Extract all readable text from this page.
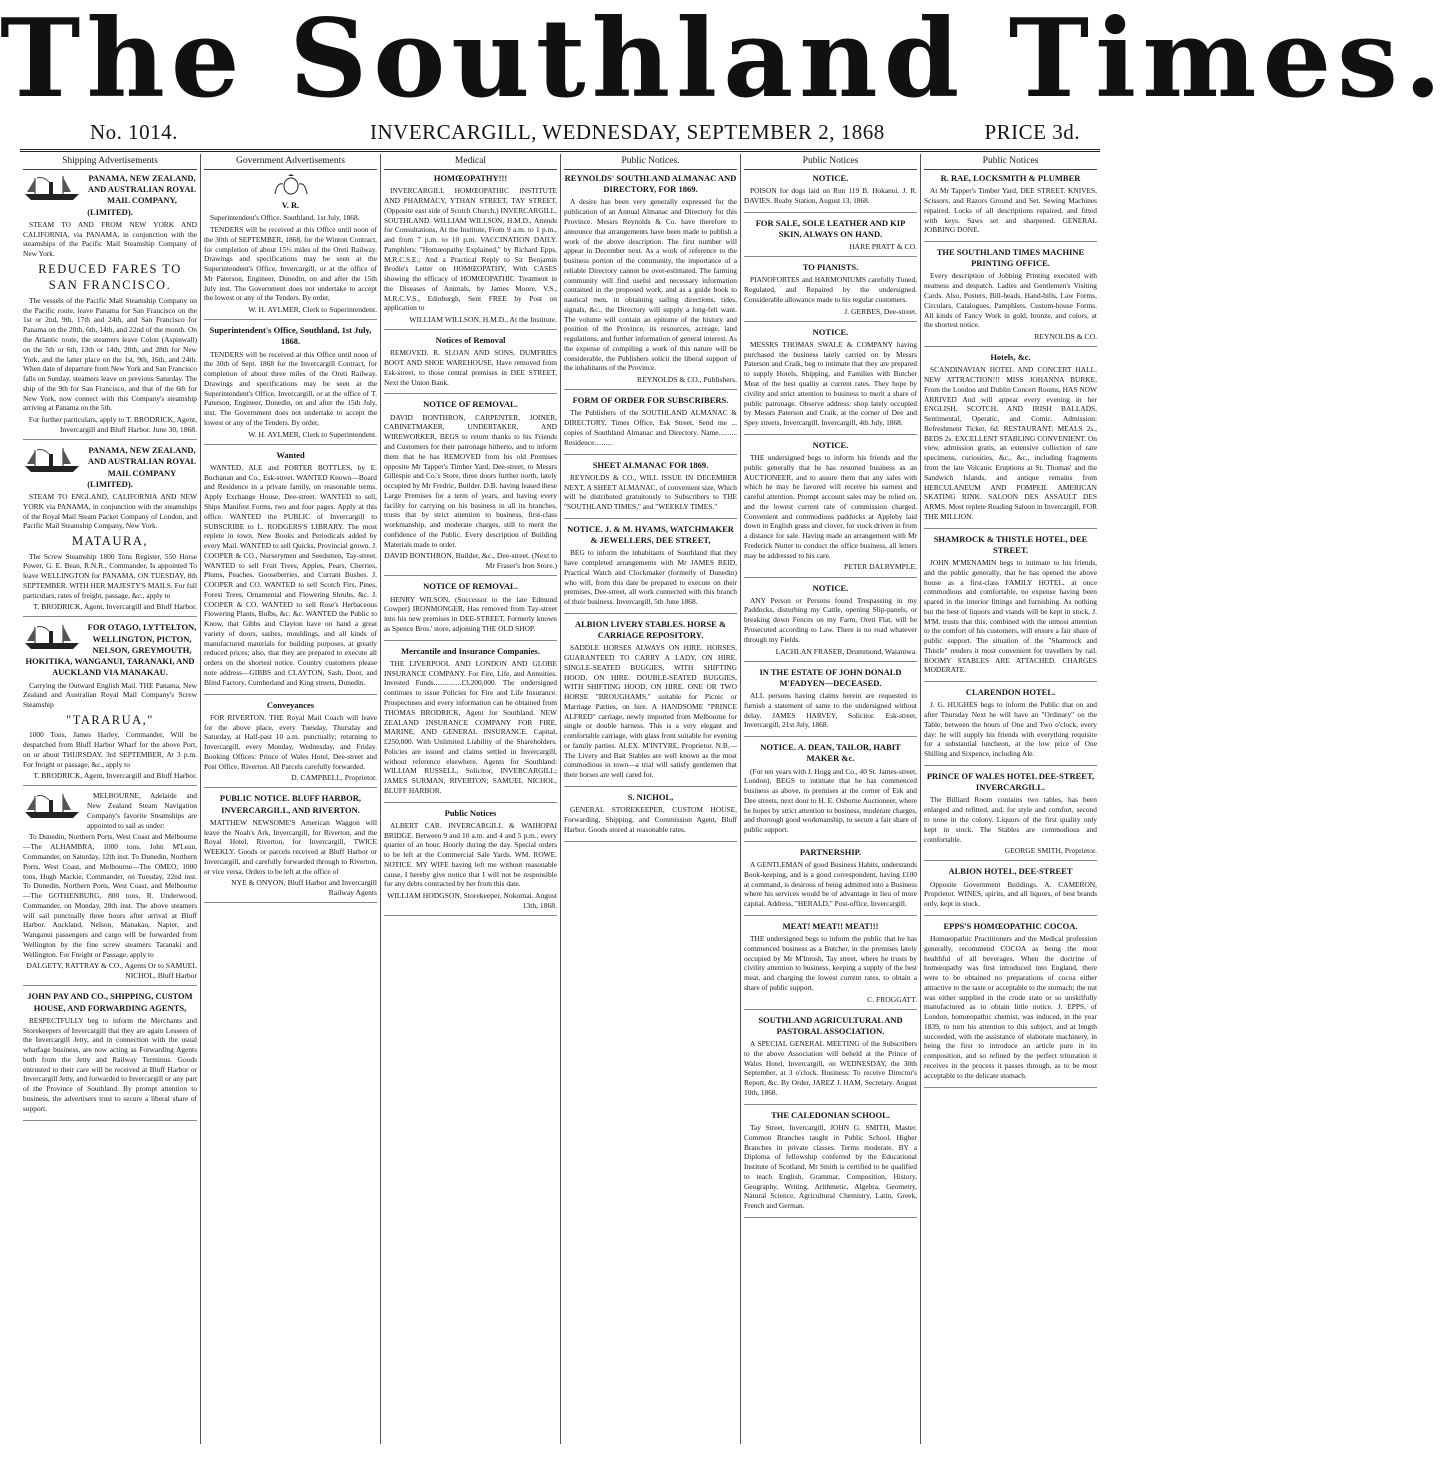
The Southland Times.
No. 1014.	INVERCARGILL, WEDNESDAY, SEPTEMBER 2, 1868	PRICE 3d.
Shipping Advertisements
PANAMA, NEW ZEALAND, AND AUSTRALIAN ROYAL MAIL COMPANY, (LIMITED).

STEAM TO AND FROM NEW YORK AND CALIFORNIA, via PANAMA, in conjunction with the steamships of the Pacific Mail Steamship Company of New York.

REDUCED FARES TO SAN FRANCISCO.

The vessels of the Pacific Mail Steamship Company on the Pacific route, leave Panama for San Francisco on the 1st or 2nd, 9th, 17th and 24th, and San Francisco for Panama on the 20th, 6th, 14th, and 22nd of the month. On the Atlantic route, the steamers leave Colon (Aspinwall) on the 5th or 6th, 13th or 14th, 20th, and 28th for New York, and the latter place on the 1st, 9th, 16th, and 24th. When date of departure from New York and San Francisco falls on Sunday, steamers leave on previous Saturday. The ship of the 9th for San Francisco, and that of the 6th for New York, now connect with this Company's steamship arriving at Panama on the 5th.

For further particulars, apply to T. BRODRICK, Agent, Invercargill and Bluff Harbor. June 30, 1868.
PANAMA, NEW ZEALAND, AND AUSTRALIAN ROYAL MAIL COMPANY (LIMITED).

STEAM TO ENGLAND, CALIFORNIA AND NEW YORK via PANAMA, in conjunction with the steamships of the Royal Mail Steam Packet Company of London, and Pacific Mail Steamship Company, New York.

MATAURA,

The Screw Steamship 1800 Tons Register, 550 Horse Power, G. E. Bean, R.N.R., Commander, Is appointed To leave WELLINGTON for PANAMA, ON TUESDAY, 8th SEPTEMBER. WITH HER MAJESTY'S MAILS. For full particulars, rates of freight, passage, &c., apply to

T. BRODRICK, Agent, Invercargill and Bluff Harbor.
FOR OTAGO, LYTTELTON, WELLINGTON, PICTON, NELSON, GREYMOUTH, HOKITIKA, WANGANUI, TARANAKI, AND AUCKLAND VIA MANAKAU.

Carrying the Outward English Mail. THE Panama, New Zealand and Australian Royal Mail Company's Screw Steamship

"TARARUA,"

1000 Tons, James Harley, Commander, Will be despatched from Bluff Harbor Wharf for the above Port, on or about THURSDAY, 3rd SEPTEMBER, At 3 p.m. For freight or passage, &c., apply to

T. BRODRICK, Agent, Invercargill and Bluff Harbor.

MELBOURNE, Adelaide and New Zealand Steam Navigation Company's favorite Steamships are appointed to sail as under:

To Dunedin, Northern Ports, West Coast and Melbourne—The ALHAMBRA, 1000 tons, John M'Lean, Commander, on Saturday, 12th inst. To Dunedin, Northern Ports, West Coast, and Melbourne—The OMEO, 1000 tons, Hugh Mackie, Commander, on Tuesday, 22nd inst. To Dunedin, Northern Ports, West Coast, and Melbourne—The GOTHENBURG, 800 tons, R. Underwood, Commander, on Monday, 28th inst. The above steamers will sail punctually three hours after arrival at Bluff Harbor. Auckland, Nelson, Manakau, Napier, and Wanganui passengers and cargo will be forwarded from Wellington by the fine screw steamers Taranaki and Wellington. For Freight or Passage, apply to

DALGETY, RATTRAY & CO., Agents Or to SAMUEL NICHOL, Bluff Harbor
JOHN PAY AND CO., SHIPPING, CUSTOM HOUSE, AND FORWARDING AGENTS,

RESPECTFULLY beg to inform the Merchants and Storekeepers of Invercargill that they are again Lessees of the Invercargill Jetty, and in connection with the usual wharfage business, are now acting as Forwarding Agents both from the Jetty and Railway Terminus. Goods entrusted to their care will be received at Bluff Harbor or Invercargill Jetty, and forwarded to Invercargill or any part of the Province of Southland. By prompt attention to business, the advertisers trust to secure a liberal share of support.

Government Advertisements
V. R.

Superintendent's Office. Southland, 1st July, 1868.

TENDERS will be received at this Office until noon of the 30th of SEPTEMBER, 1868, for the Winton Contract, for completion of about 15½ miles of the Oreti Railway. Drawings and specifications may be seen at the Superintendent's Office, Invercargill, or at the office of Mr Paterson, Engineer, Dunedin, on and after the 15th July inst. The Government does not undertake to accept the lowest or any of the Tenders. By order,

W. H. AYLMER, Clerk to Superintendent.
Superintendent's Office, Southland, 1st July, 1868.

TENDERS will be received at this Office until noon of the 30th of Sept. 1868 for the Invercargill Contract, for completion of about three miles of the Oreti Railway. Drawings and specifications may be seen at the Superintendent's Office, Invercargill, or at the office of T. Paterson, Engineer, Dunedin, on and after the 15th July, inst. The Government does not undertake to accept the lowest or any of the Tenders. By order,

W. H. AYLMER, Clerk to Superintendent.
Wanted

WANTED, ALE and PORTER BOTTLES, by E. Buchanan and Co., Esk-street. WANTED Known—Board and Residence in a private family, on reasonable terms. Apply Exchange House, Dee-street. WANTED to sell, Ships Manifest Forms, two and four pages. Apply at this office. WANTED the PUBLIC of Invercargill to SUBSCRIBE to L. RODGERS'S LIBRARY. The most replete in town. New Books and Periodicals added by every Mail. WANTED to sell Quicks, Provincial grown. J. COOPER & CO., Nurserymen and Seedsmen, Tay-street. WANTED to sell Fruit Trees, Apples, Pears, Cherries, Plums, Peaches, Gooseberries, and Currant Bushes. J. COOPER and CO. WANTED to sell Scotch Firs, Pines, Forest Trees, Ornamental and Flowering Shrubs, &c. J. COOPER & CO. WANTED to sell Rose's Herbaceous Flowering Plants, Bulbs, &c. &c. WANTED the Public to Know, that Gibbs and Clayton have on hand a great variety of doors, sashes, mouldings, and all kinds of manufactured materials for building purposes, at greatly reduced prices; also, that they are prepared to execute all orders on the shortest notice. Country customers please note address—GIBBS and CLAYTON, Sash, Door, and Blind Factory, Cumberland and King streets, Dunedin.

Conveyances

FOR RIVERTON. THE Royal Mail Coach will leave for the above place, every Tuesday, Thursday and Saturday, at Half-past 10 a.m. punctually; returning to Invercargill, every Monday, Wednesday, and Friday. Booking Offices: Prince of Wales Hotel, Dee-street and Post Office, Riverton. All Parcels carefully forwarded.

D. CAMPBELL, Proprietor.
PUBLIC NOTICE. BLUFF HARBOR, INVERCARGILL, AND RIVERTON.

MATTHEW NEWSOME'S American Waggon will leave the Noah's Ark, Invercargill, for Riverton, and the Royal Hotel, Riverton, for Invercargill, TWICE WEEKLY. Goods or parcels received at Bluff Harbor or Invercargill, and carefully forwarded through to Riverton, or vice versa. Orders to be left at the office of

NYE & ONYON, Bluff Harbor and Invercargill Railway Agents
Medical
HOMŒOPATHY!!!

INVERCARGILL HOMŒOPATHIC INSTITUTE AND PHARMACY, YTHAN STREET, TAY STREET, (Opposite east side of Scotch Church,) INVERCARGILL, SOUTHLAND. WILLIAM WILLSON, H.M.D., Attends for Consultations, At the Institute, From 9 a.m. to 1 p.m., and from 7 p.m. to 10 p.m. VACCINATION DAILY. Pamphlets: "Homœopathy Explained," by Richard Epps, M.R.C.S.E.; And a Practical Reply to Sir Benjamin Brodie's Letter on HOMŒOPATHY, With CASES showing the efficacy of HOMŒOPATHIC Treatment in the Diseases of Animals, by James Moore, V.S., M.R.C.V.S., Edinburgh, Sent FREE by Post on application to

WILLIAM WILLSON, H.M.D., At the Institute.
Notices of Removal

REMOVED. R. SLOAN AND SONS, DUMFRIES BOOT AND SHOE WAREHOUSE, Have removed from Esk-street, to those central premises in DEE STREET, Next the Union Bank.

NOTICE OF REMOVAL.

DAVID BONTHRON, CARPENTER, JOINER, CABINETMAKER, UNDERTAKER, AND WIREWORKER, BEGS to return thanks to his Friends and Customers for their patronage hitherto, and to inform them that he has REMOVED from his old Premises opposite Mr Tapper's Timber Yard, Dee-street, to Messrs Gillespie and Co.'s Store, three doors further north, lately occupied by Mr Fredric, Builder. D.B. having leased these Large Premises for a term of years, and having every facility for carrying on his business in all its branches, trusts that by strict attention to business, first-class workmanship, and moderate charges, still to merit the confidence of the Public. Every description of Building Materials made to order.

DAVID BONTHRON, Builder, &c., Dee-street. (Next to Mr Fraser's Iron Store.)
NOTICE OF REMOVAL.

HENRY WILSON, (Successor to the late Edmund Cowper) IRONMONGER, Has removed from Tay-street into his new premises in DEE-STREET, Formerly known as Spence Bros.' store, adjoining THE OLD SHOP.

Mercantile and Insurance Companies.

THE LIVERPOOL AND LONDON AND GLOBE INSURANCE COMPANY. For Fire, Life, and Annuities. Invested Funds...............£3,200,000. The undersigned continues to issue Policies for Fire and Life Insurance. Prospectuses and every information can be obtained from THOMAS BRODRICK, Agent for Southland. NEW ZEALAND INSURANCE COMPANY FOR FIRE, MARINE, AND GENERAL INSURANCE. Capital, £250,000. With Unlimited Liability of the Shareholders. Policies are issued and claims settled in Invercargill, without reference elsewhere. Agents for Southland: WILLIAM RUSSELL, Solicitor, INVERCARGILL; JAMES SURMAN, RIVERTON; SAMUEL NICHOL, BLUFF HARBOR.

Public Notices

ALBERT CAR. INVERCARGILL & WAIHOPAI BRIDGE. Between 9 and 10 a.m. and 4 and 5 p.m., every quarter of an hour. Hourly during the day. Special orders to be left at the Commercial Sale Yards. WM. ROWE. NOTICE. MY WIFE having left me without reasonable cause, I hereby give notice that I will not be responsible for any debts contracted by her from this date.

WILLIAM HODGSON, Storekeeper, Nokomai. August 13th, 1868.
Public Notices.
REYNOLDS' SOUTHLAND ALMANAC AND DIRECTORY, FOR 1869.

A desire has been very generally expressed for the publication of an Annual Almanac and Directory for this Province. Messrs Reynolds & Co. have therefore to announce that arrangements have been made to publish a work of the above description. The first number will appear in December next. As a work of reference to the business portion of the community, the importance of a reliable Directory cannot be over-estimated. The farming community will find useful and necessary information contained in the proposed work, and as a guide book to nautical men, in obtaining sailing directions, tides, signals, &c., the Directory will supply a long-felt want. The volume will contain an epitome of the history and position of the Province, its resources, acreage, land regulations, and further information of general interest. As the expense of compiling a work of this nature will be considerable, the Publishers solicit the liberal support of the inhabitants of the Province.

REYNOLDS & CO., Publishers.
FORM OF ORDER FOR SUBSCRIBERS.

The Publishers of the SOUTHLAND ALMANAC & DIRECTORY, Times Office, Esk Street, Send me ... copies of Southland Almanac and Directory. Name.......... Residence..........

SHEET ALMANAC FOR 1869.

REYNOLDS & CO., WILL ISSUE IN DECEMBER NEXT, A SHEET ALMANAC, of convenient size, Which will be distributed gratuitously to Subscribers to THE "SOUTHLAND TIMES," and "WEEKLY TIMES."

NOTICE. J. & M. HYAMS, WATCHMAKER & JEWELLERS, DEE STREET,

BEG to inform the inhabitants of Southland that they have completed arrangements with Mr JAMES REID, Practical Watch and Clockmaker (formerly of Dunedin) who will, from this date be prepared to execute on their premises, Dee-street, all work connected with this branch of their business. Invercargill, 5th June 1868.

ALBION LIVERY STABLES. HORSE & CARRIAGE REPOSITORY.

SADDLE HORSES ALWAYS ON HIRE. HORSES, GUARANTEED TO CARRY A LADY, ON HIRE. SINGLE-SEATED BUGGIES, WITH SHIFTING HOOD, ON HIRE. DOUBLE-SEATED BUGGIES, WITH SHIFTING HOOD, ON HIRE. ONE OR TWO HORSE "BROUGHAMS," suitable for Picnic or Marriage Parties, on hire. A HANDSOME "PRINCE ALFRED" carriage, newly imported from Melbourne for single or double harness. This is a very elegant and comfortable carriage, with glass front suitable for evening or family parties. ALEX. M'INTYRE, Proprietor. N.B.—The Livery and Bait Stables are well known as the most commodious in town—a trial will satisfy gentlemen that their horses are well cared for.

S. NICHOL,

GENERAL STOREKEEPER, CUSTOM HOUSE, Forwarding, Shipping, and Commission Agent, Bluff Harbor. Goods stored at reasonable rates.

Public Notices
NOTICE.

POISON for dogs laid on Run 119 B. Hokanui. J. R. DAVIES. Reaby Station, August 13, 1868.

FOR SALE, SOLE LEATHER AND KIP SKIN, ALWAYS ON HAND.
HARE PRATT & CO.
TO PIANISTS.

PIANOFORTES and HARMONIUMS carefully Tuned, Regulated, and Repaired by the undersigned. Considerable allowance made to his regular customers.

J. GERBES, Dee-street.
NOTICE.

MESSRS THOMAS SWALE & COMPANY having purchased the business lately carried on by Messrs Paterson and Craik, beg to intimate that they are prepared to supply Hotels, Shipping, and Families with Butcher Meat of the best quality at current rates. They hope by civility and strict attention to business to merit a share of public patronage. Observe address: shop lately occupied by Messrs Paterson and Craik, at the corner of Dee and Spey streets, Invercargill. Invercargill, 4th July, 1868.

NOTICE.

THE undersigned begs to inform his friends and the public generally that he has resumed business as an AUCTIONEER, and to assure them that any sales with which he may be favored will receive his earnest and careful attention. Prompt account sales may be relied on, and the lowest current rate of commission charged. Convenient and commodious paddocks at Appleby laid down in English grass and clover, for stock driven in from a distance for sale. Having made an arrangement with Mr Frederick Nutter to conduct the office business, all letters may be addressed to his care.

PETER DALRYMPLE.
NOTICE.

ANY Person or Persons found Trespassing in my Paddocks, disturbing my Cattle, opening Slip-panels, or breaking down Fences on my Farm, Oreti Flat, will be Prosecuted according to Law. There is no road whatever through my Fields.

LACHLAN FRASER, Drummond, Waianiwa.
IN THE ESTATE OF JOHN DONALD M'FADYEN—DECEASED.

ALL persons having claims herein are requested to furnish a statement of same to the undersigned without delay. JAMES HARVEY, Solicitor. Esk-street, Invercargill, 21st July, 1868.

NOTICE. A. DEAN, TAILOR, HABIT MAKER &c.

(For ten years with J. Hogg and Co., 40 St. James-street, London), BEGS to intimate that he has commenced business as above, in premises at the corner of Esk and Dee streets, next door to H. E. Osborne Auctioneer, where he hopes by strict attention to business, moderate charges, and thorough good workmanship, to secure a fair share of public support.

PARTNERSHIP.

A GENTLEMAN of good Business Habits, understands Book-keeping, and is a good correspondent, having £100 at command, is desirous of being admitted into a Business where his services would be of advantage in lieu of more capital. Address, "HERALD," Post-office, Invercargill.

MEAT! MEAT!! MEAT!!!

THE undersigned begs to inform the public that he has commenced business as a Butcher, in the premises lately occupied by Mr M'Intosh, Tay street, where he trusts by civility attention to business, keeping a supply of the best meat, and charging the lowest current rates, to obtain a share of public support.

C. FROGGATT.
SOUTHLAND AGRICULTURAL AND PASTORAL ASSOCIATION.

A SPECIAL GENERAL MEETING of the Subscribers to the above Association will beheld at the Prince of Wales Hotel, Invercargill, on WEDNESDAY, the 30th September, at 3 o'clock. Business: To receive Director's Report, &c. By Order, JAREZ J. HAM, Secretary. August 10th, 1868.

THE CALEDONIAN SCHOOL.

Tay Street, Invercargill, JOHN G. SMITH, Master. Common Branches taught in Public School, Higher Branches in private classes. Terms moderate. BY a Diploma of fellowship conferred by the Educational Institute of Scotland, Mr Smith is certified to be qualified to teach English, Grammar, Composition, History, Geography, Writing, Arithmetic, Algebra, Geometry, Natural Science, Agricultural Chemistry, Latin, Greek, French and German.

Public Notices
R. RAE, LOCKSMITH & PLUMBER

At Mr Tapper's Timber Yard, DEE STREET. KNIVES, Scissors, and Razors Ground and Set. Sewing Machines repaired. Locks of all descriptions repaired, and fitted with keys. Saws set and sharpened. GENERAL JOBBING DONE.

THE SOUTHLAND TIMES MACHINE PRINTING OFFICE.

Every description of Jobbing Printing executed with neatness and despatch. Ladies and Gentlemen's Visiting Cards. Also, Posters, Bill-heads, Hand-bills, Law Forms, Circulars, Catalogues, Pamphlets, Custom-house Forms. All kinds of Fancy Work in gold, bronze, and colors, at the shortest notice.

REYNOLDS & CO.
Hotels, &c.

SCANDINAVIAN HOTEL AND CONCERT HALL. NEW ATTRACTION!!! MISS JOHANNA BURKE, From the London and Dublin Concert Rooms, HAS NOW ARRIVED And will appear every evening in her ENGLISH, SCOTCH, AND IRISH BALLADS, Sentimental, Operatic, and Comic. Admission: Refreshment Ticket, 6d. RESTAURANT: MEALS 2s., BEDS 2s. EXCELLENT STABLING CONVENIENT. On view, admission gratis, an extensive collection of rare specimens, curiosities, &c., &c., including fragments from the late Volcanic Eruptions at St. Thomas' and the Sandwich Islands, and antique remains from HERCULANEUM AND POMPEII. AMERICAN SKATING RINK. SALOON DES ASSAULT DES ARMS. Most replete Reading Saloon in Invercargill, FOR THE MILLION.

SHAMROCK & THISTLE HOTEL, DEE STREET.

JOHN M'MENAMIN begs to intimate to his friends, and the public generally, that he has opened the above house as a first-class FAMILY HOTEL, at once commodious and comfortable, no expense having been spared in the interior fittings and furnishing. As nothing but the best of liquors and viands will be kept in stock, J. M'M. trusts that this, combined with the utmost attention to the comfort of his customers, will ensure a fair share of public support. The situation of the "Shamrock and Thistle" renders it most convenient for travellers by rail. ROOMY STABLES ARE ATTACHED. CHARGES MODERATE.

CLARENDON HOTEL.

J. G. HUGHES begs to inform the Public that on and after Thursday Next he will have an "Ordinary" on the Table, between the hours of One and Two o'clock, every day: he will supply his friends with everything requisite for a substantial luncheon, at the low price of One Shilling and Sixpence, including Ale.

PRINCE OF WALES HOTEL DEE-STREET, INVERCARGILL.

The Billiard Room contains two tables, has been enlarged and refitted, and, for style and comfort, second to none in the colony. Liquors of the first quality only kept in stock. The Stables are commodious and comfortable.

GEORGE SMITH, Proprietor.
ALBION HOTEL, DEE-STREET

Opposite Government Buildings. A. CAMERON, Proprietor. WINES, spirits, and all liquors, of best brands only, kept in stock.

EPPS'S HOMŒOPATHIC COCOA.

Homœopathic Practitioners and the Medical profession generally, recommend COCOA as being the most healthful of all beverages. When the doctrine of homœopathy was first introduced into England, there were to be obtained no preparations of cocoa either attractive to the taste or acceptable to the stomach; the nut was either supplied in the crude state or so unskilfully manufactured as to obtain little notice. J. EPPS, of London, homœopathic chemist, was induced, in the year 1839, to turn his attention to this subject, and at length succeeded, with the assistance of elaborate machinery, in being the first to introduce an article pure in its composition, and so refined by the perfect trituration it receives in the process it passes through, as to be most acceptable to the delicate stomach.
